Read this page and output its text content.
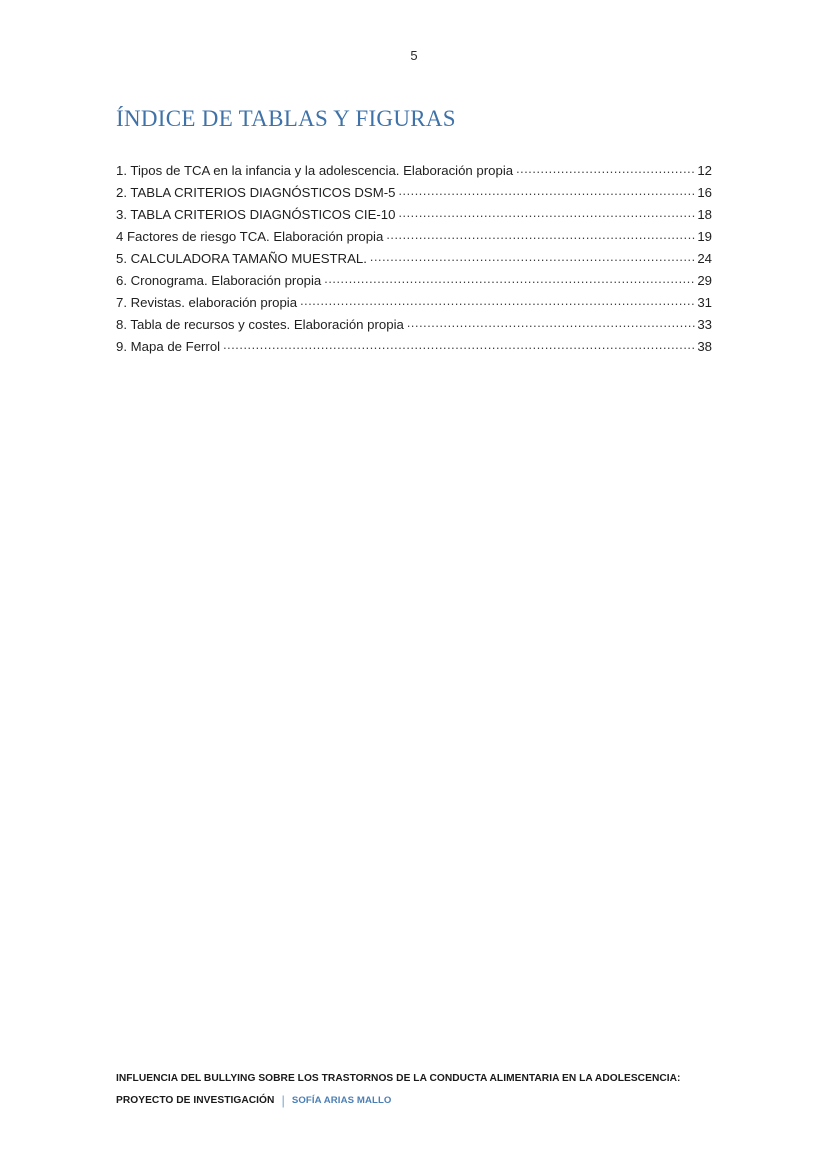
5
ÍNDICE DE TABLAS Y FIGURAS
1. Tipos de TCA en la infancia y la adolescencia. Elaboración propia .....	12
2. TABLA CRITERIOS DIAGNÓSTICOS DSM-5 .....	16
3. TABLA CRITERIOS DIAGNÓSTICOS CIE-10 .....	18
4 Factores de riesgo TCA. Elaboración propia .....	19
5. CALCULADORA TAMAÑO MUESTRAL. .....	24
6. Cronograma. Elaboración propia .....	29
7. Revistas. elaboración propia .....	31
8. Tabla de recursos y costes. Elaboración propia .....	33
9. Mapa de Ferrol .....	38
INFLUENCIA DEL BULLYING SOBRE LOS TRASTORNOS DE LA CONDUCTA ALIMENTARIA EN LA ADOLESCENCIA:
PROYECTO DE INVESTIGACIÓN | SOFÍA ARIAS MALLO
